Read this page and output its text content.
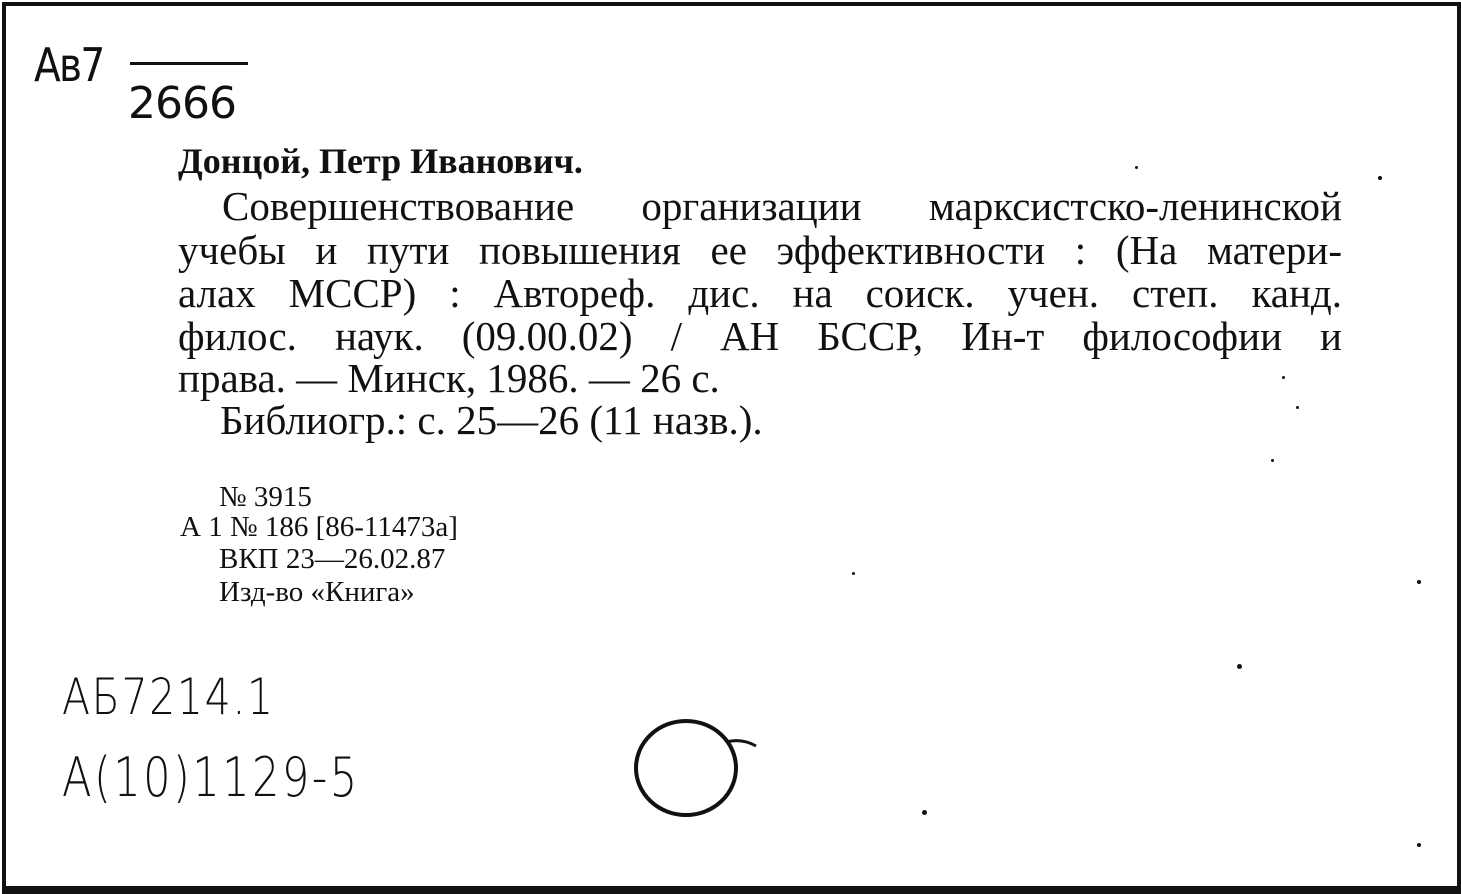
Ав7
2666
Донцой, Петр Иванович.
Совершенствование организации марксистско-ленинской
учебы и пути повышения ее эффективности : (На матери-
алах МССР) : Автореф. дис. на соиск. учен. степ. канд.
филос. наук. (09.00.02) / АН БССР, Ин-т философии и
права. — Минск, 1986. — 26 с.
Библиогр.: с. 25—26 (11 назв.).
№ 3915
А 1 № 186 [86-11473а]
ВКП 23—26.02.87
Изд-во «Книга»
АБ7214.1
А(10)1129-5
